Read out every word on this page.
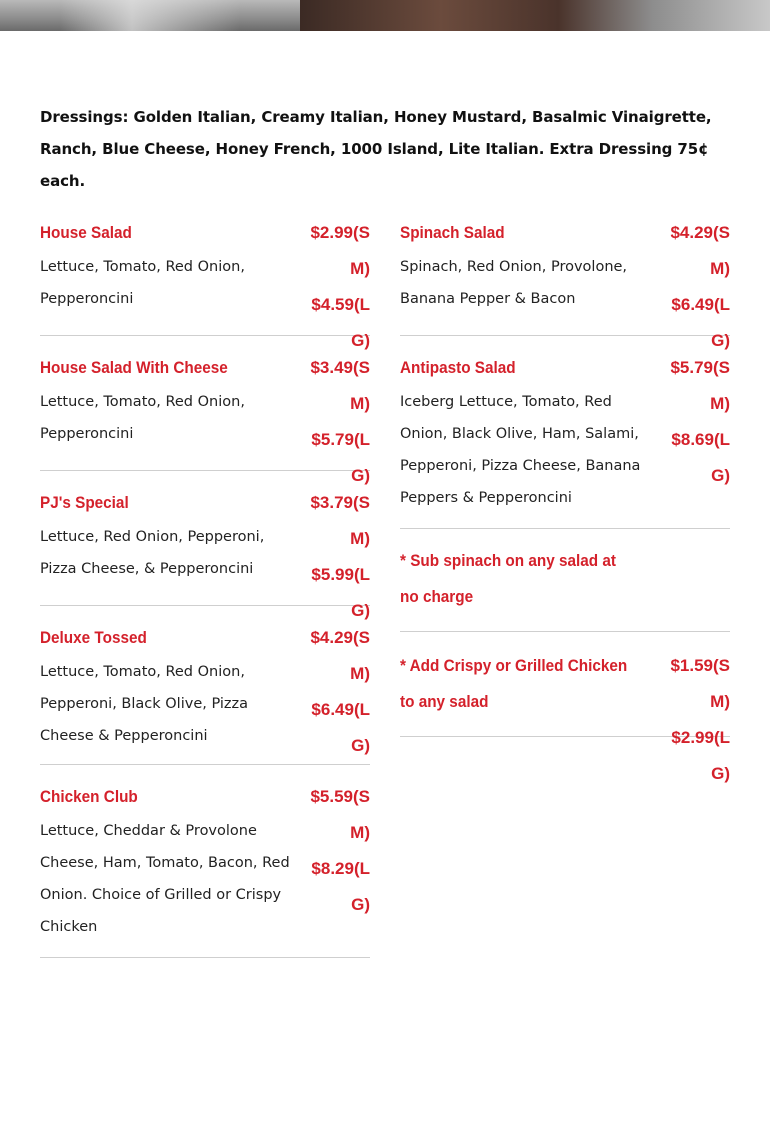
Dressings: Golden Italian, Creamy Italian, Honey Mustard, Basalmic Vinaigrette, Ranch, Blue Cheese, Honey French, 1000 Island, Lite Italian. Extra Dressing 75¢ each.
House Salad
Lettuce, Tomato, Red Onion, Pepperoncini
$2.99(SM)
$4.59(LG)
House Salad With Cheese
Lettuce, Tomato, Red Onion, Pepperoncini
$3.49(SM)
$5.79(LG)
PJ's Special
Lettuce, Red Onion, Pepperoni, Pizza Cheese, & Pepperoncini
$3.79(SM)
$5.99(LG)
Deluxe Tossed
Lettuce, Tomato, Red Onion, Pepperoni, Black Olive, Pizza Cheese & Pepperoncini
$4.29(SM)
$6.49(LG)
Chicken Club
Lettuce, Cheddar & Provolone Cheese, Ham, Tomato, Bacon, Red Onion. Choice of Grilled or Crispy Chicken
$5.59(SM)
$8.29(LG)
Spinach Salad
Spinach, Red Onion, Provolone, Banana Pepper & Bacon
$4.29(SM)
$6.49(LG)
Antipasto Salad
Iceberg Lettuce, Tomato, Red Onion, Black Olive, Ham, Salami, Pepperoni, Pizza Cheese, Banana Peppers & Pepperoncini
$5.79(SM)
$8.69(LG)
* Sub spinach on any salad at no charge
* Add Crispy or Grilled Chicken to any salad
$1.59(SM)
$2.99(LG)
